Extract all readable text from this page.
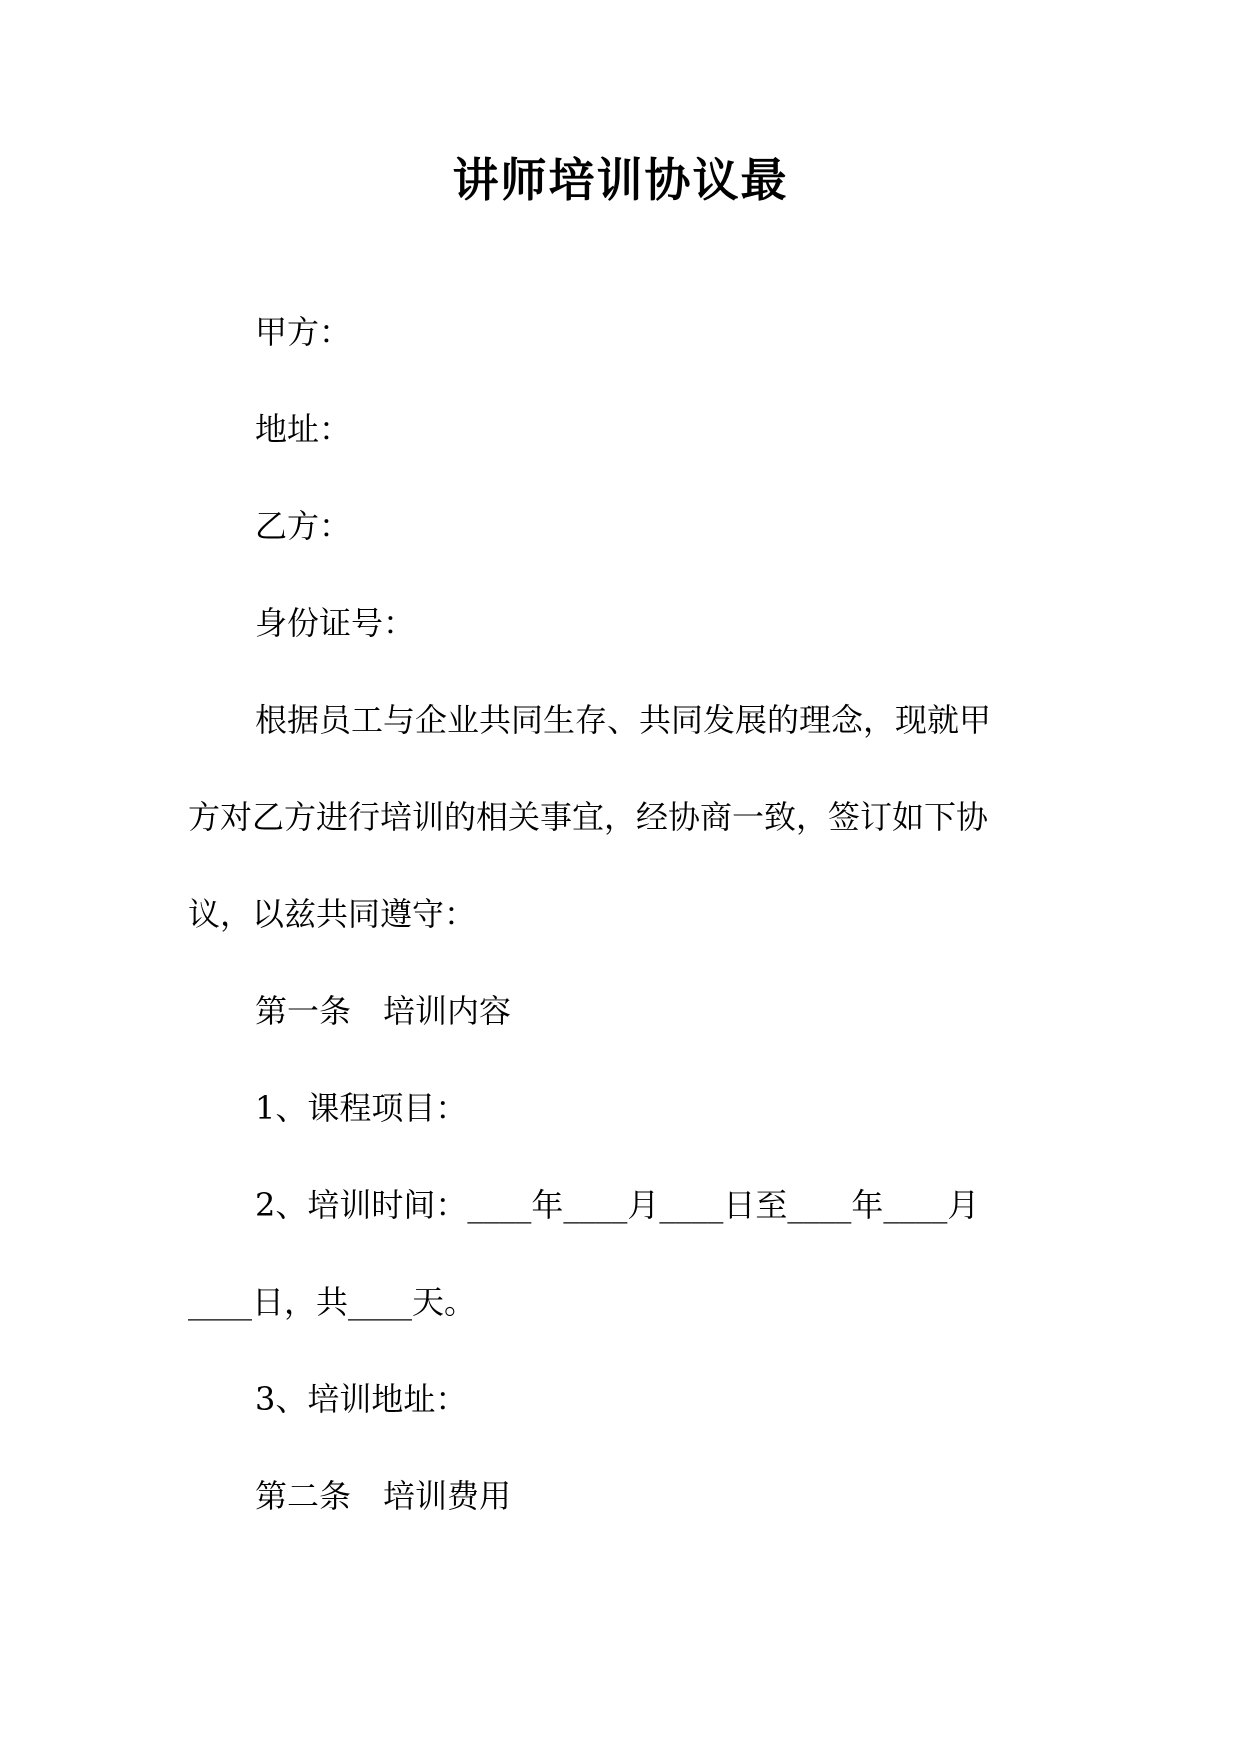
讲师培训协议最
甲方：
地址：
乙方：
身份证号：
根据员工与企业共同生存、共同发展的理念，现就甲
方对乙方进行培训的相关事宜，经协商一致，签订如下协
议，以兹共同遵守：
第一条　培训内容
1、课程项目：
2、培训时间：____年____月____日至____年____月
____日，共____天。
3、培训地址：
第二条　培训费用
